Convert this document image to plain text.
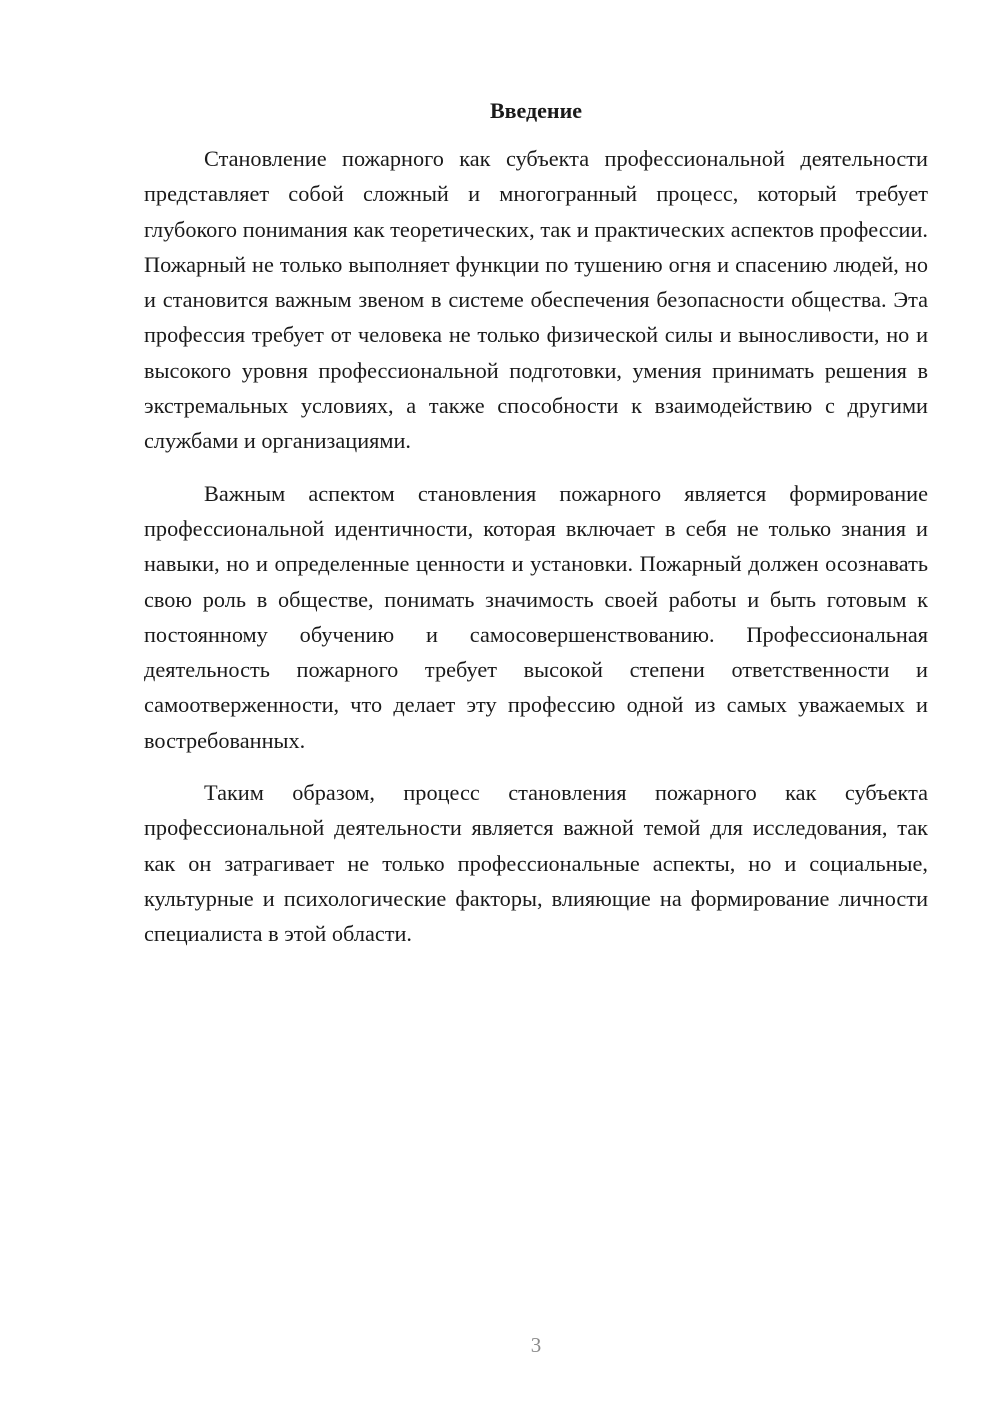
Введение

Становление пожарного как субъекта профессиональной деятельности представляет собой сложный и многогранный процесс, который требует глубокого понимания как теоретических, так и практических аспектов профессии. Пожарный не только выполняет функции по тушению огня и спасению людей, но и становится важным звеном в системе обеспечения безопасности общества. Эта профессия требует от человека не только физической силы и выносливости, но и высокого уровня профессиональной подготовки, умения принимать решения в экстремальных условиях, а также способности к взаимодействию с другими службами и организациями.

Важным аспектом становления пожарного является формирование профессиональной идентичности, которая включает в себя не только знания и навыки, но и определенные ценности и установки. Пожарный должен осознавать свою роль в обществе, понимать значимость своей работы и быть готовым к постоянному обучению и самосовершенствованию. Профессиональная деятельность пожарного требует высокой степени ответственности и самоотверженности, что делает эту профессию одной из самых уважаемых и востребованных.

Таким образом, процесс становления пожарного как субъекта профессиональной деятельности является важной темой для исследования, так как он затрагивает не только профессиональные аспекты, но и социальные, культурные и психологические факторы, влияющие на формирование личности специалиста в этой области.

3
